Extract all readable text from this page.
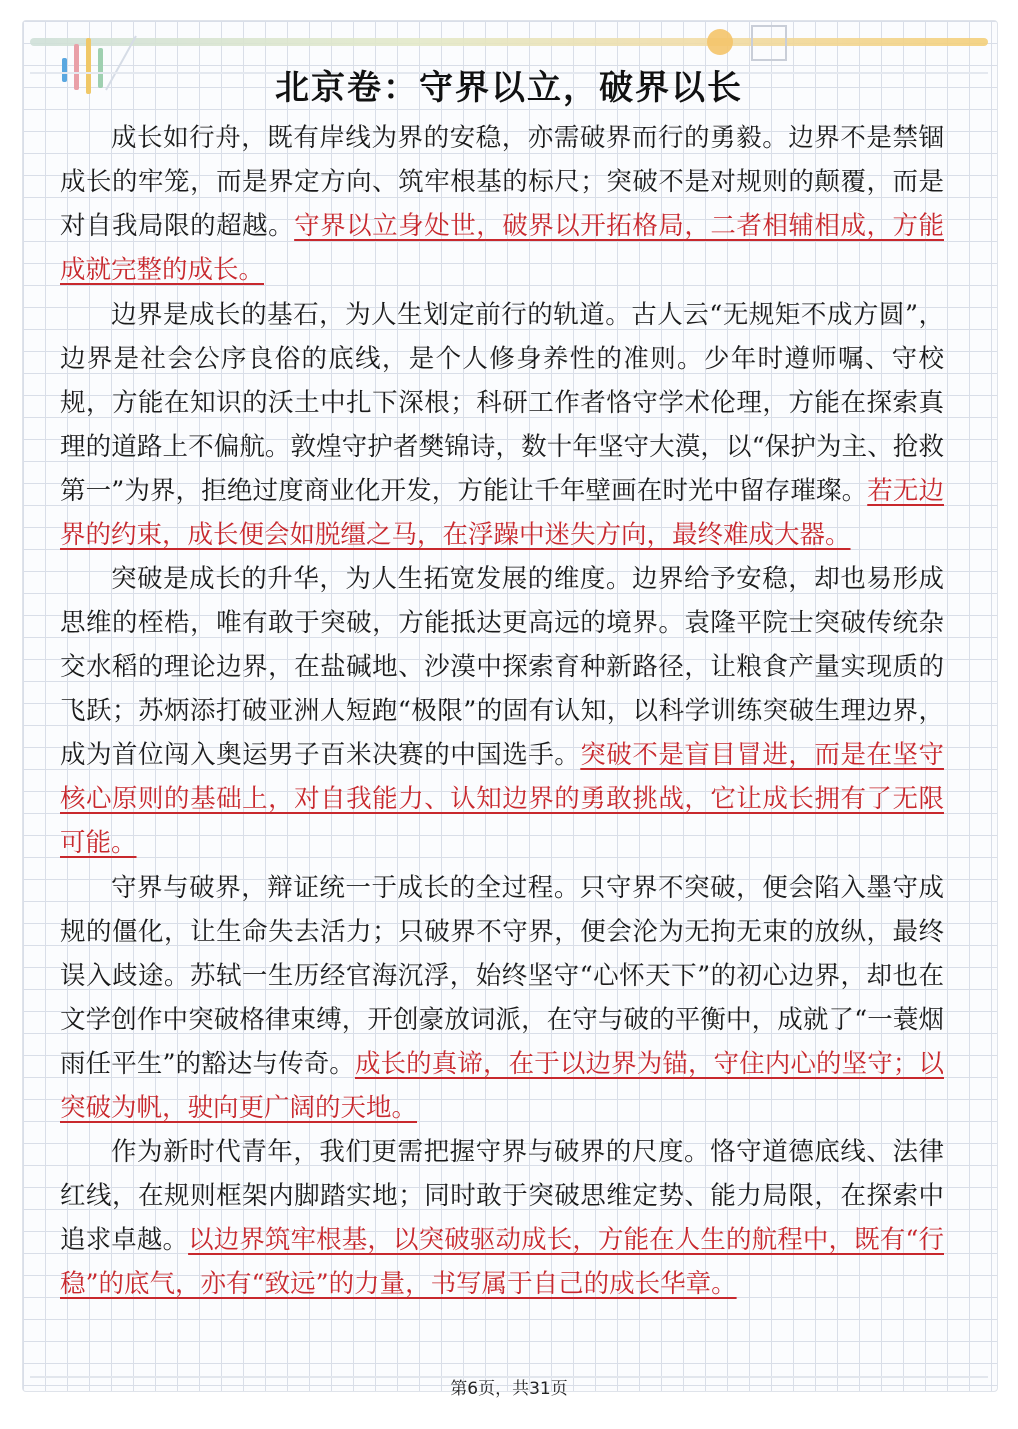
北京卷：守界以立，破界以长

成长如行舟，既有岸线为界的安稳，亦需破界而行的勇毅。边界不是禁锢成长的牢笼，而是界定方向、筑牢根基的标尺；突破不是对规则的颠覆，而是对自我局限的超越。守界以立身处世，破界以开拓格局，二者相辅相成，方能成就完整的成长。

边界是成长的基石，为人生划定前行的轨道。古人云“无规矩不成方圆”，边界是社会公序良俗的底线，是个人修身养性的准则。少年时遵师嘱、守校规，方能在知识的沃土中扎下深根；科研工作者恪守学术伦理，方能在探索真理的道路上不偏航。敦煌守护者樊锦诗，数十年坚守大漠，以“保护为主、抢救第一”为界，拒绝过度商业化开发，方能让千年壁画在时光中留存璀璨。若无边界的约束，成长便会如脱缰之马，在浮躁中迷失方向，最终难成大器。

突破是成长的升华，为人生拓宽发展的维度。边界给予安稳，却也易形成思维的桎梏，唯有敢于突破，方能抵达更高远的境界。袁隆平院士突破传统杂交水稻的理论边界，在盐碱地、沙漠中探索育种新路径，让粮食产量实现质的飞跃；苏炳添打破亚洲人短跑“极限”的固有认知，以科学训练突破生理边界，成为首位闯入奥运男子百米决赛的中国选手。突破不是盲目冒进，而是在坚守核心原则的基础上，对自我能力、认知边界的勇敢挑战，它让成长拥有了无限可能。

守界与破界，辩证统一于成长的全过程。只守界不突破，便会陷入墨守成规的僵化，让生命失去活力；只破界不守界，便会沦为无拘无束的放纵，最终误入歧途。苏轼一生历经官海沉浮，始终坚守“心怀天下”的初心边界，却也在文学创作中突破格律束缚，开创豪放词派，在守与破的平衡中，成就了“一蓑烟雨任平生”的豁达与传奇。成长的真谛，在于以边界为锚，守住内心的坚守；以突破为帆，驶向更广阔的天地。

作为新时代青年，我们更需把握守界与破界的尺度。恪守道德底线、法律红线，在规则框架内脚踏实地；同时敢于突破思维定势、能力局限，在探索中追求卓越。以边界筑牢根基，以突破驱动成长，方能在人生的航程中，既有“行稳”的底气，亦有“致远”的力量，书写属于自己的成长华章。

第6页，共31页
